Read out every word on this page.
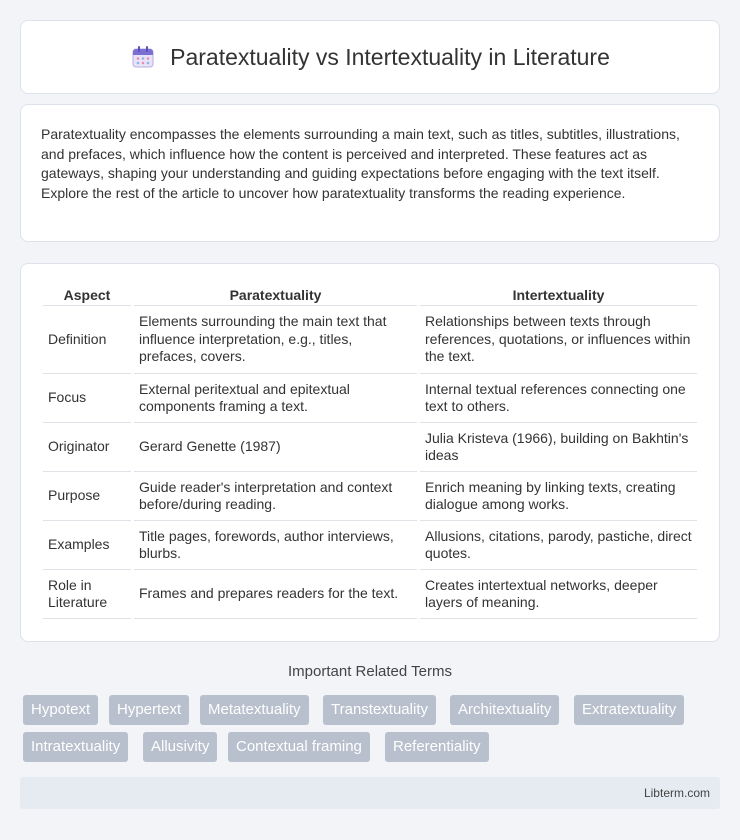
Paratextuality vs Intertextuality in Literature

Paratextuality encompasses the elements surrounding a main text, such as titles, subtitles, illustrations, and prefaces, which influence how the content is perceived and interpreted. These features act as gateways, shaping your understanding and guiding expectations before engaging with the text itself. Explore the rest of the article to uncover how paratextuality transforms the reading experience.

Aspect	Paratextuality	Intertextuality
Definition	Elements surrounding the main text that influence interpretation, e.g., titles, prefaces, covers.	Relationships between texts through references, quotations, or influences within the text.
Focus	External peritextual and epitextual components framing a text.	Internal textual references connecting one text to others.
Originator	Gerard Genette (1987)	Julia Kristeva (1966), building on Bakhtin's ideas
Purpose	Guide reader's interpretation and context before/during reading.	Enrich meaning by linking texts, creating dialogue among works.
Examples	Title pages, forewords, author interviews, blurbs.	Allusions, citations, parody, pastiche, direct quotes.
Role in Literature	Frames and prepares readers for the text.	Creates intertextual networks, deeper layers of meaning.
Important Related Terms
Hypotext	Hypertext	Metatextuality	Transtextuality	Architextuality	Extratextuality
Intratextuality	Allusivity	Contextual framing	Referentiality
Libterm.com
